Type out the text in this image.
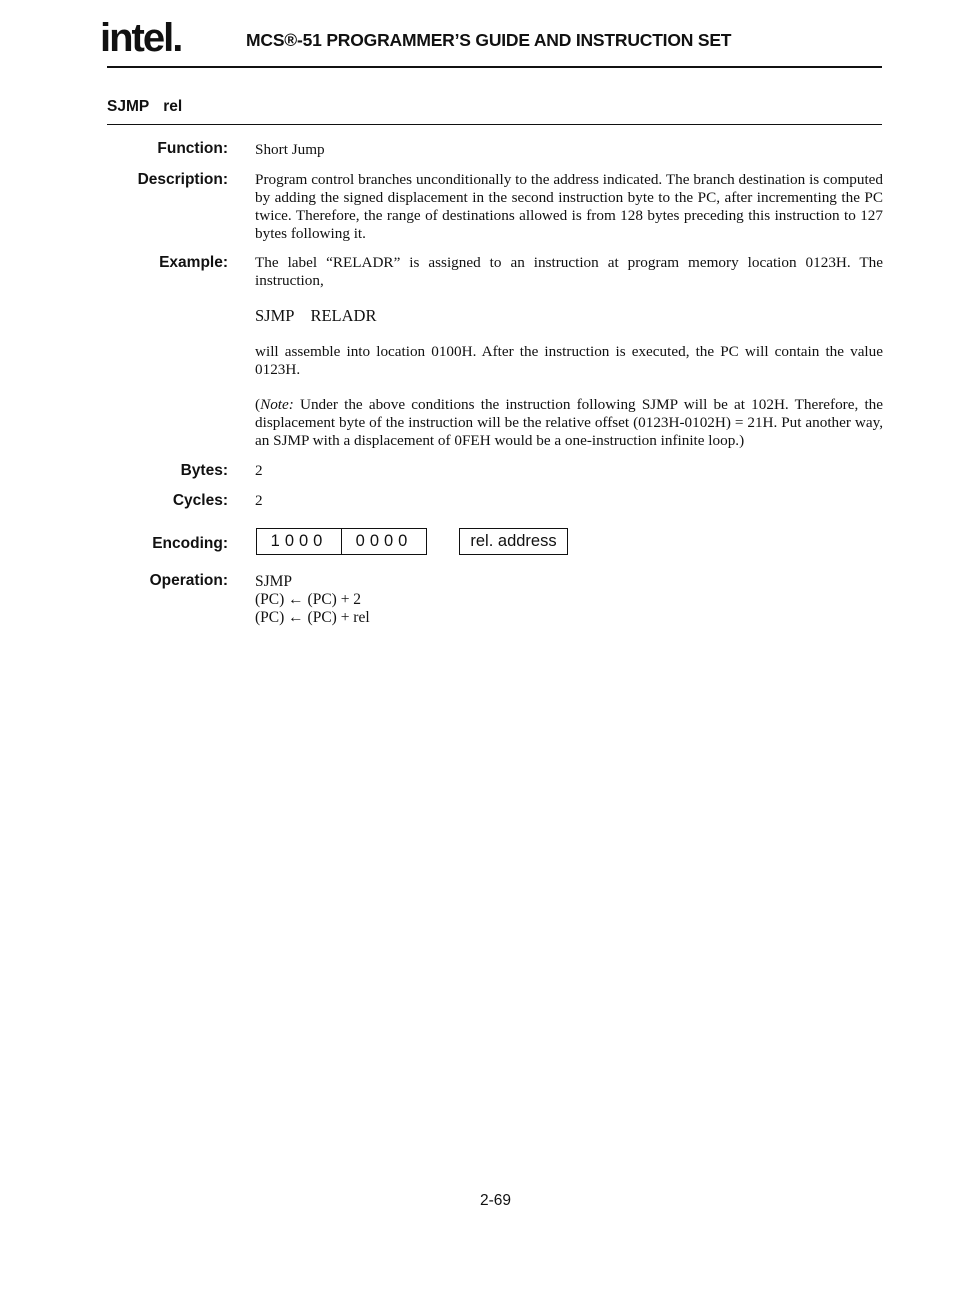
intel.	MCS®-51 PROGRAMMER’S GUIDE AND INSTRUCTION SET
SJMP rel
Function: Short Jump
Description: Program control branches unconditionally to the address indicated. The branch destination is computed by adding the signed displacement in the second instruction byte to the PC, after incrementing the PC twice. Therefore, the range of destinations allowed is from 128 bytes preceding this instruction to 127 bytes following it.
Example: The label “RELADR” is assigned to an instruction at program memory location 0123H. The instruction,
SJMP RELADR
will assemble into location 0100H. After the instruction is executed, the PC will contain the value 0123H.
(Note: Under the above conditions the instruction following SJMP will be at 102H. Therefore, the displacement byte of the instruction will be the relative offset (0123H-0102H) = 21H. Put another way, an SJMP with a displacement of 0FEH would be a one-instruction infinite loop.)
Bytes: 2
Cycles: 2
Encoding:	1000	0000	rel. address
Operation: SJMP
(PC) ← (PC) + 2
(PC) ← (PC) + rel
2-69
